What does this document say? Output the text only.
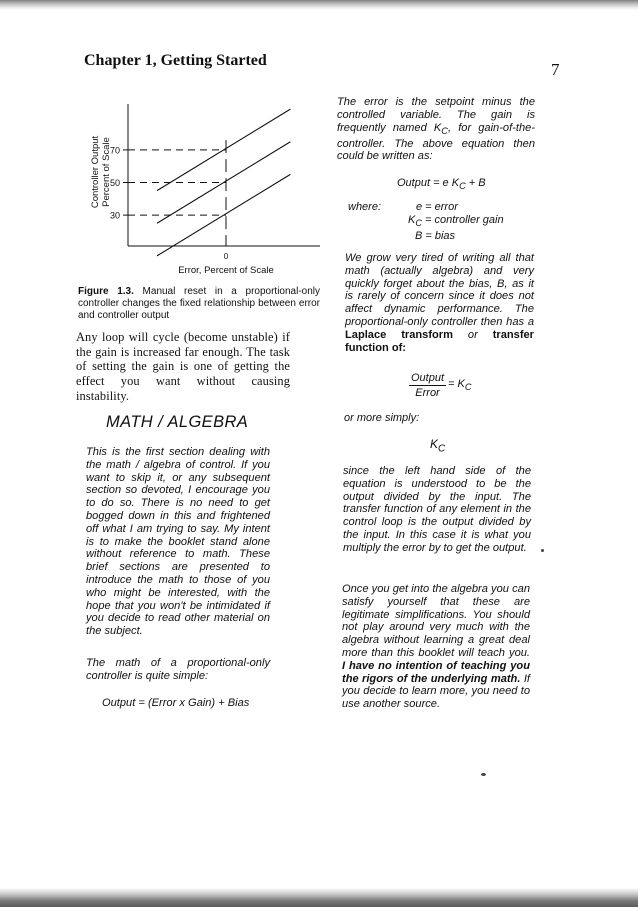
Chapter 1, Getting Started	7
30
50
70
0
Error, Percent of Scale
Controller Output Percent of Scale
Figure 1.3. Manual reset in a proportional-only controller changes the fixed relationship between error and controller output
Any loop will cycle (become unstable) if the gain is increased far enough. The task of setting the gain is one of getting the effect you want without causing instability.
MATH / ALGEBRA
This is the first section dealing with the math / algebra of control. If you want to skip it, or any subsequent section so devoted, I encourage you to do so. There is no need to get bogged down in this and frightened off what I am trying to say. My intent is to make the booklet stand alone without reference to math. These brief sections are presented to introduce the math to those of you who might be interested, with the hope that you won't be intimidated if you decide to read other material on the subject.
The math of a proportional-only controller is quite simple:
Output = (Error x Gain) + Bias
The error is the setpoint minus the controlled variable. The gain is frequently named $K_C$, for gain-of-the-controller. The above equation then could be written as:
Output = e $K_C + B$
where:	e = error
$K_C$ = controller gain
B = bias
We grow very tired of writing all that math (actually algebra) and very quickly forget about the bias, B, as it is rarely of concern since it does not affect dynamic performance. The proportional-only controller then has a Laplace transform or transfer function of:
$\frac{\text{Output}}{\text{Error}} = K_C$
or more simply:
$K_C$
since the left hand side of the equation is understood to be the output divided by the input. The transfer function of any element in the control loop is the output divided by the input. In this case it is what you multiply the error by to get the output.
Once you get into the algebra you can satisfy yourself that these are legitimate simplifications. You should not play around very much with the algebra without learning a great deal more than this booklet will teach you. I have no intention of teaching you the rigors of the underlying math. If you decide to learn more, you need to use another source.
